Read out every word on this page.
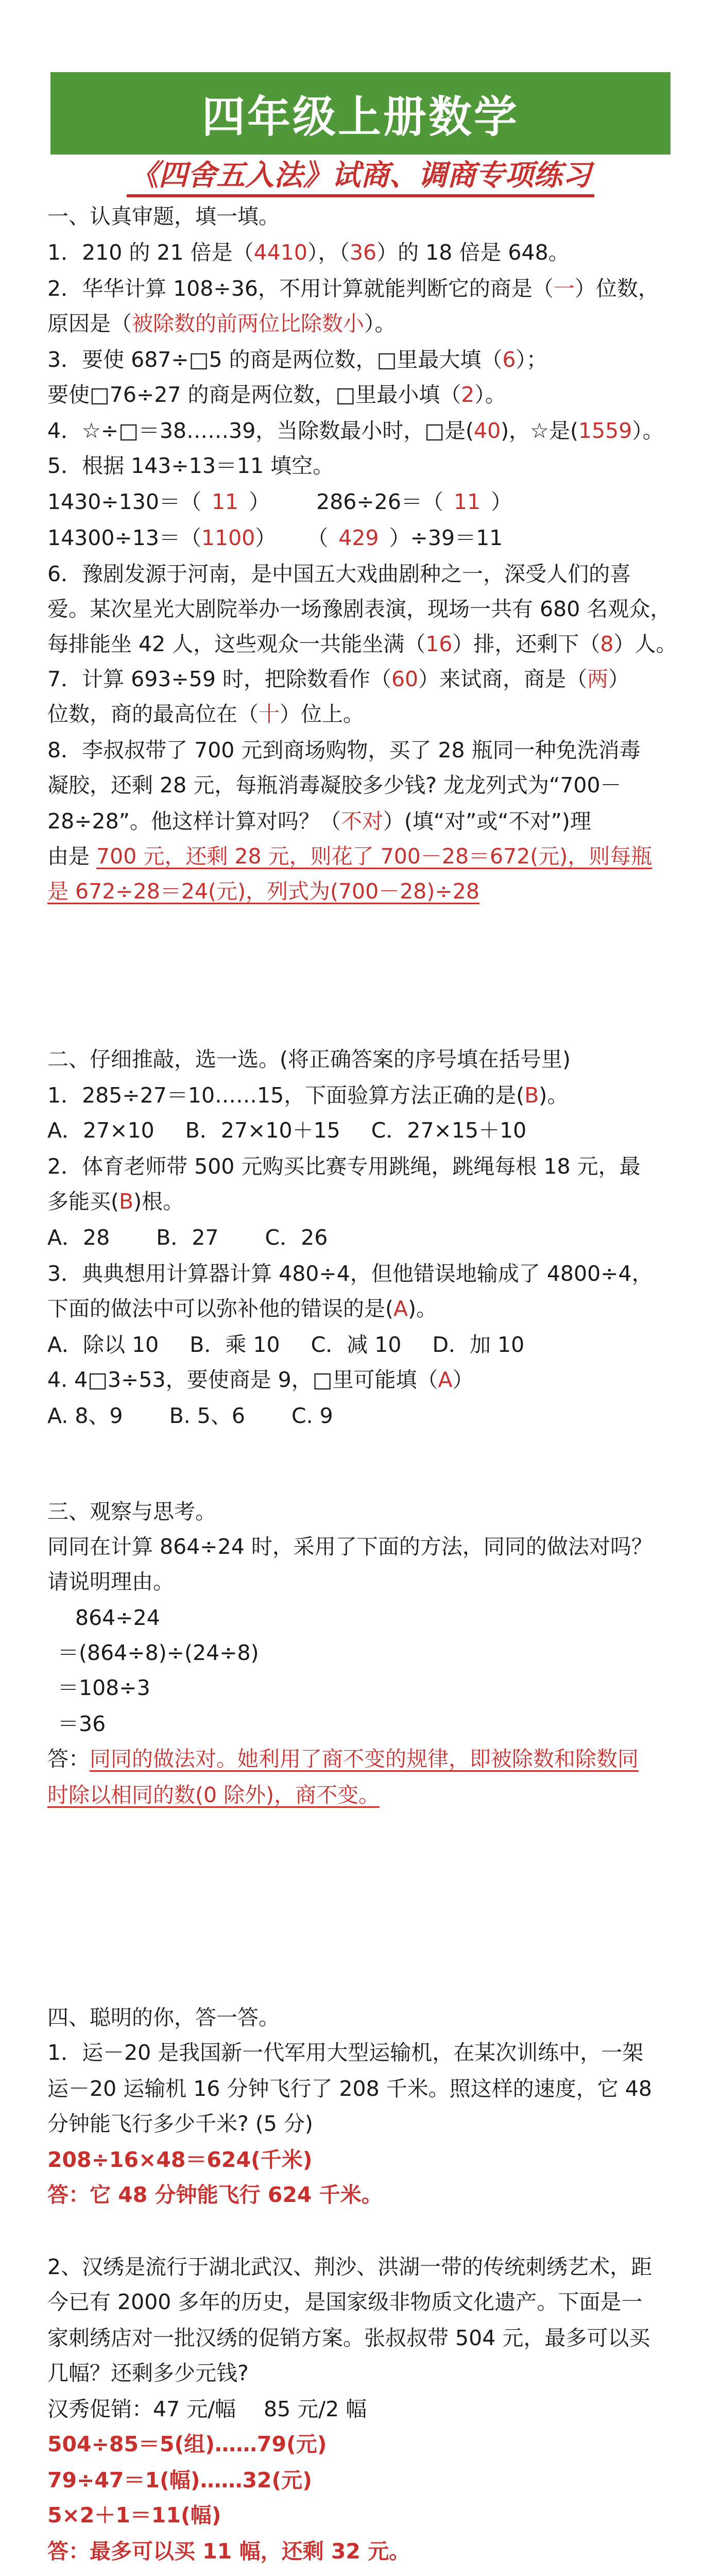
四年级上册数学
《四舍五入法》试商、调商专项练习
一、认真审题，填一填。
1．210 的 21 倍是（4410），（36）的 18 倍是 648。
2．华华计算 108÷36，不用计算就能判断它的商是（一）位数，
原因是（被除数的前两位比除数小）。
3．要使 687÷□5 的商是两位数，□里最大填（6）；
要使□76÷27 的商是两位数，□里最小填（2）。
4．☆÷□＝38……39，当除数最小时，□是(40)，☆是(1559）。
5．根据 143÷13＝11 填空。
1430÷130＝（ 11 ） 286÷26＝（ 11 ）
14300÷13＝（1100） （ 429 ）÷39＝11
6．豫剧发源于河南，是中国五大戏曲剧种之一，深受人们的喜
爱。某次星光大剧院举办一场豫剧表演，现场一共有 680 名观众，
每排能坐 42 人，这些观众一共能坐满（16）排，还剩下（8）人。
7．计算 693÷59 时，把除数看作（60）来试商，商是（两）
位数，商的最高位在（十）位上。
8．李叔叔带了 700 元到商场购物，买了 28 瓶同一种免洗消毒
凝胶，还剩 28 元，每瓶消毒凝胶多少钱? 龙龙列式为“700－
28÷28”。他这样计算对吗？（不对）(填“对”或“不对”)理
由是 700 元，还剩 28 元，则花了 700－28＝672(元)，则每瓶
是 672÷28＝24(元)，列式为(700－28)÷28
二、仔细推敲，选一选。(将正确答案的序号填在括号里)
1．285÷27＝10……15，下面验算方法正确的是(B)。
A．27×10 B．27×10＋15 C．27×15＋10
2．体育老师带 500 元购买比赛专用跳绳，跳绳每根 18 元，最
多能买(B)根。
A．28 B．27 C．26
3．典典想用计算器计算 480÷4，但他错误地输成了 4800÷4，
下面的做法中可以弥补他的错误的是(A)。
A．除以 10 B．乘 10 C．减 10 D．加 10
4. 4□3÷53，要使商是 9，□里可能填（A）
A. 8、9 B. 5、6 C. 9
三、观察与思考。
同同在计算 864÷24 时，采用了下面的方法，同同的做法对吗？
请说明理由。
864÷24
＝(864÷8)÷(24÷8)
＝108÷3
＝36
答：同同的做法对。她利用了商不变的规律，即被除数和除数同
时除以相同的数(0 除外)，商不变。
四、聪明的你，答一答。
1．运－20 是我国新一代军用大型运输机，在某次训练中，一架
运－20 运输机 16 分钟飞行了 208 千米。照这样的速度，它 48
分钟能飞行多少千米? (5 分)
208÷16×48＝624(千米)
答：它 48 分钟能飞行 624 千米。
2、汉绣是流行于湖北武汉、荆沙、洪湖一带的传统刺绣艺术，距
今已有 2000 多年的历史，是国家级非物质文化遗产。下面是一
家刺绣店对一批汉绣的促销方案。张叔叔带 504 元，最多可以买
几幅？还剩多少元钱?
汉秀促销：47 元/幅　 85 元/2 幅
504÷85＝5(组)……79(元)
79÷47＝1(幅)……32(元)
5×2＋1＝11(幅)
答：最多可以买 11 幅，还剩 32 元。
